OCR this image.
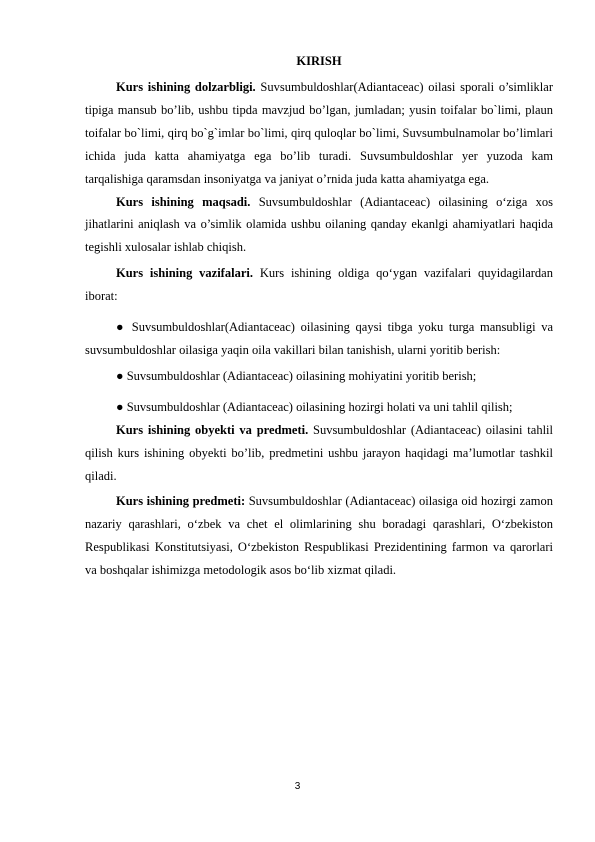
KIRISH

Kurs ishining dolzarbligi. Suvsumbuldoshlar(Adiantaceac) oilasi sporali o’simliklar tipiga mansub bo’lib, ushbu tipda mavzjud bo’lgan, jumladan; yusin toifalar bo`limi, plaun toifalar bo`limi, qirq bo`g`imlar bo`limi, qirq quloqlar bo`limi, Suvsumbulnamolar bo’limlari ichida juda katta ahamiyatga ega bo’lib turadi. Suvsumbuldoshlar yer yuzoda kam tarqalishiga qaramsdan insoniyatga va janiyat o’rnida juda katta ahamiyatga ega.

Kurs ishining maqsadi. Suvsumbuldoshlar (Adiantaceac) oilasining o‘ziga xos jihatlarini aniqlash va o’simlik olamida ushbu oilaning qanday ekanlgi ahamiyatlari haqida tegishli xulosalar ishlab chiqish.

Kurs ishining vazifalari. Kurs ishining oldiga qo‘ygan vazifalari quyidagilardan iborat:

● Suvsumbuldoshlar(Adiantaceac) oilasining qaysi tibga yoku turga mansubligi va suvsumbuldoshlar oilasiga yaqin oila vakillari bilan tanishish, ularni yoritib berish:

● Suvsumbuldoshlar (Adiantaceac) oilasining mohiyatini yoritib berish;

● Suvsumbuldoshlar (Adiantaceac) oilasining hozirgi holati va uni tahlil qilish;

Kurs ishining obyekti va predmeti. Suvsumbuldoshlar (Adiantaceac) oilasini tahlil qilish kurs ishining obyekti bo’lib, predmetini ushbu jarayon haqidagi ma’lumotlar tashkil qiladi.

Kurs ishining predmeti: Suvsumbuldoshlar (Adiantaceac) oilasiga oid hozirgi zamon nazariy qarashlari, o‘zbek va chet el olimlarining shu boradagi qarashlari, O‘zbekiston Respublikasi Konstitutsiyasi, O‘zbekiston Respublikasi Prezidentining farmon va qarorlari va boshqalar ishimizga metodologik asos bo‘lib xizmat qiladi.

3
